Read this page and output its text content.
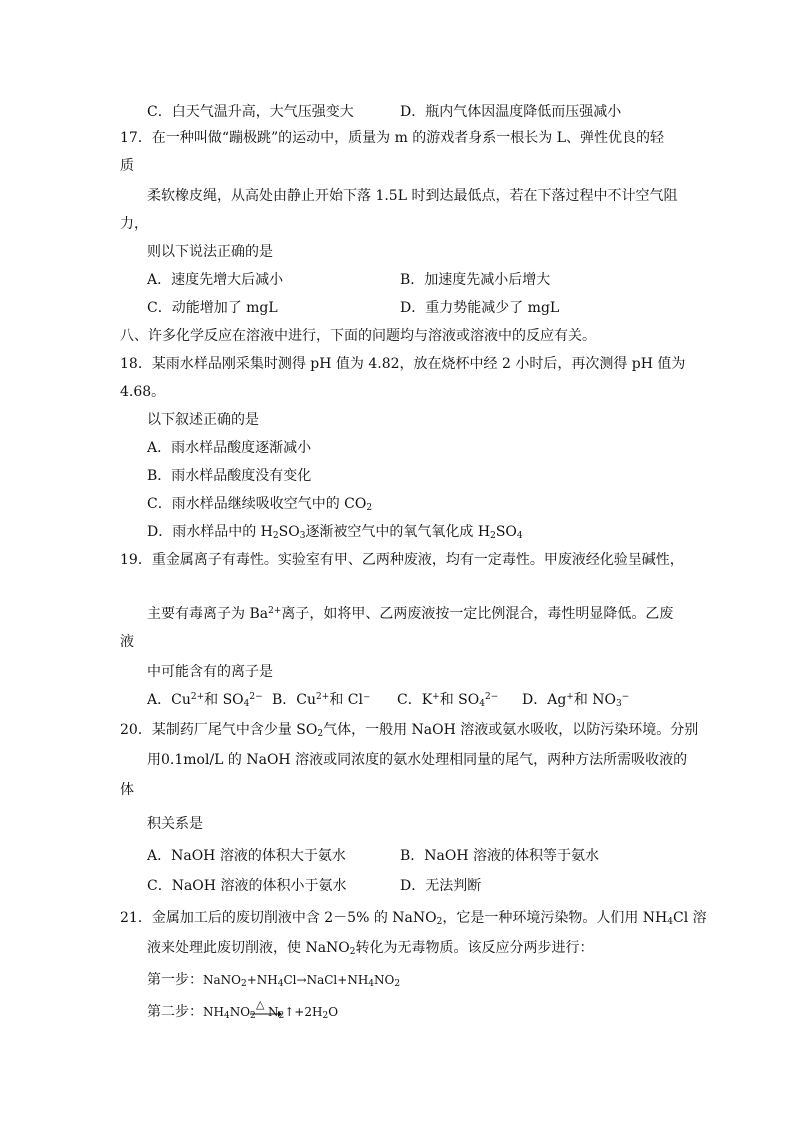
C．白天气温升高，大气压强变大	D．瓶内气体因温度降低而压强减小
17．在一种叫做“蹦极跳”的运动中，质量为 m 的游戏者身系一根长为 L、弹性优良的轻
质
柔软橡皮绳，从高处由静止开始下落 1.5L 时到达最低点，若在下落过程中不计空气阻
力，
则以下说法正确的是
A．速度先增大后减小	B．加速度先减小后增大
C．动能增加了 mgL	D．重力势能减少了 mgL
八、许多化学反应在溶液中进行，下面的问题均与溶液或溶液中的反应有关。
18．某雨水样品刚采集时测得 pH 值为 4.82，放在烧杯中经 2 小时后，再次测得 pH 值为
4.68。
以下叙述正确的是
A．雨水样品酸度逐渐减小
B．雨水样品酸度没有变化
C．雨水样品继续吸收空气中的 $CO_2$
D．雨水样品中的 $H_2SO_3$逐渐被空气中的氧气氧化成 $H_2SO_4$
19．重金属离子有毒性。实验室有甲、乙两种废液，均有一定毒性。甲废液经化验呈碱性，
主要有毒离子为 $Ba^{2+}$离子，如将甲、乙两废液按一定比例混合，毒性明显降低。乙废
液
中可能含有的离子是
A．$Cu^{2+}$和 $SO_4^{2-}$ B．$Cu^{2+}$和 Cl⁻ C．K+和 $SO_4^{2-}$ D．Ag+和 $NO_3^-$
20．某制药厂尾气中含少量 $SO_2$气体，一般用 NaOH 溶液或氨水吸收，以防污染环境。分别
用0.1mol/L 的 NaOH 溶液或同浓度的氨水处理相同量的尾气，两种方法所需吸收液的
体
积关系是
A．NaOH 溶液的体积大于氨水	B．NaOH 溶液的体积等于氨水
C．NaOH 溶液的体积小于氨水	D．无法判断
21．金属加工后的废切削液中含 2－5% 的 NaNO$_2$，它是一种环境污染物。人们用 $NH_4Cl$ 溶
液来处理此废切削液，使 NaNO$_2$转化为无毒物质。该反应分两步进行：
第一步：$NaNO_2+NH_4Cl\to NaCl+NH_4NO_2$
第二步：$NH_4NO_2$
△
$N_2↑+2H_2O$
